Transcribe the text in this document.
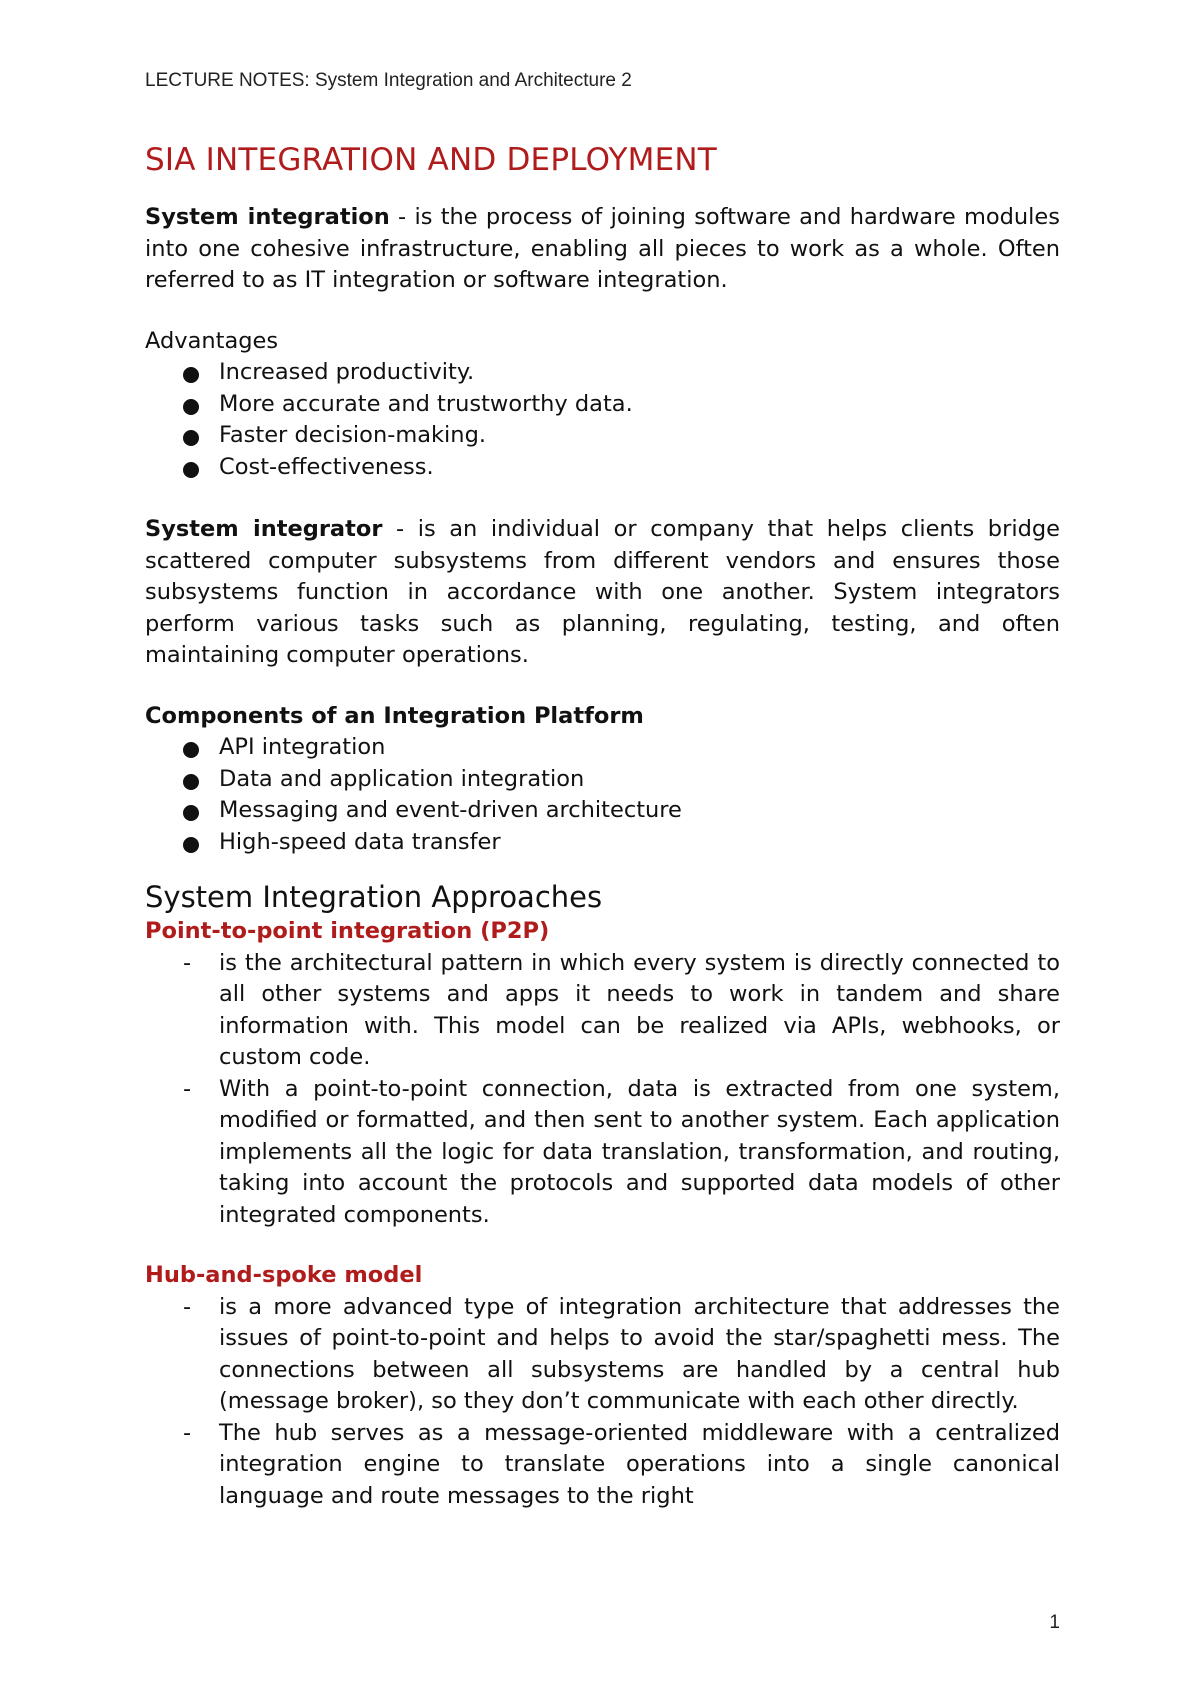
LECTURE NOTES: System Integration and Architecture 2
SIA INTEGRATION AND DEPLOYMENT

System integration - is the process of joining software and hardware modules into one cohesive infrastructure, enabling all pieces to work as a whole. Often referred to as IT integration or software integration.

Advantages

Increased productivity.
More accurate and trustworthy data.
Faster decision-making.
Cost-effectiveness.

System integrator - is an individual or company that helps clients bridge scattered computer subsystems from different vendors and ensures those subsystems function in accordance with one another. System integrators perform various tasks such as planning, regulating, testing, and often maintaining computer operations.

Components of an Integration Platform

API integration
Data and application integration
Messaging and event-driven architecture
High-speed data transfer
System Integration Approaches
Point-to-point integration (P2P)
- is the architectural pattern in which every system is directly connected to all other systems and apps it needs to work in tandem and share information with. This model can be realized via APIs, webhooks, or custom code.
- With a point-to-point connection, data is extracted from one system, modified or formatted, and then sent to another system. Each application implements all the logic for data translation, transformation, and routing, taking into account the protocols and supported data models of other integrated components.
Hub-and-spoke model
- is a more advanced type of integration architecture that addresses the issues of point-to-point and helps to avoid the star/spaghetti mess. The connections between all subsystems are handled by a central hub (message broker), so they don’t communicate with each other directly.
- The hub serves as a message-oriented middleware with a centralized integration engine to translate operations into a single canonical language and route messages to the right
1
